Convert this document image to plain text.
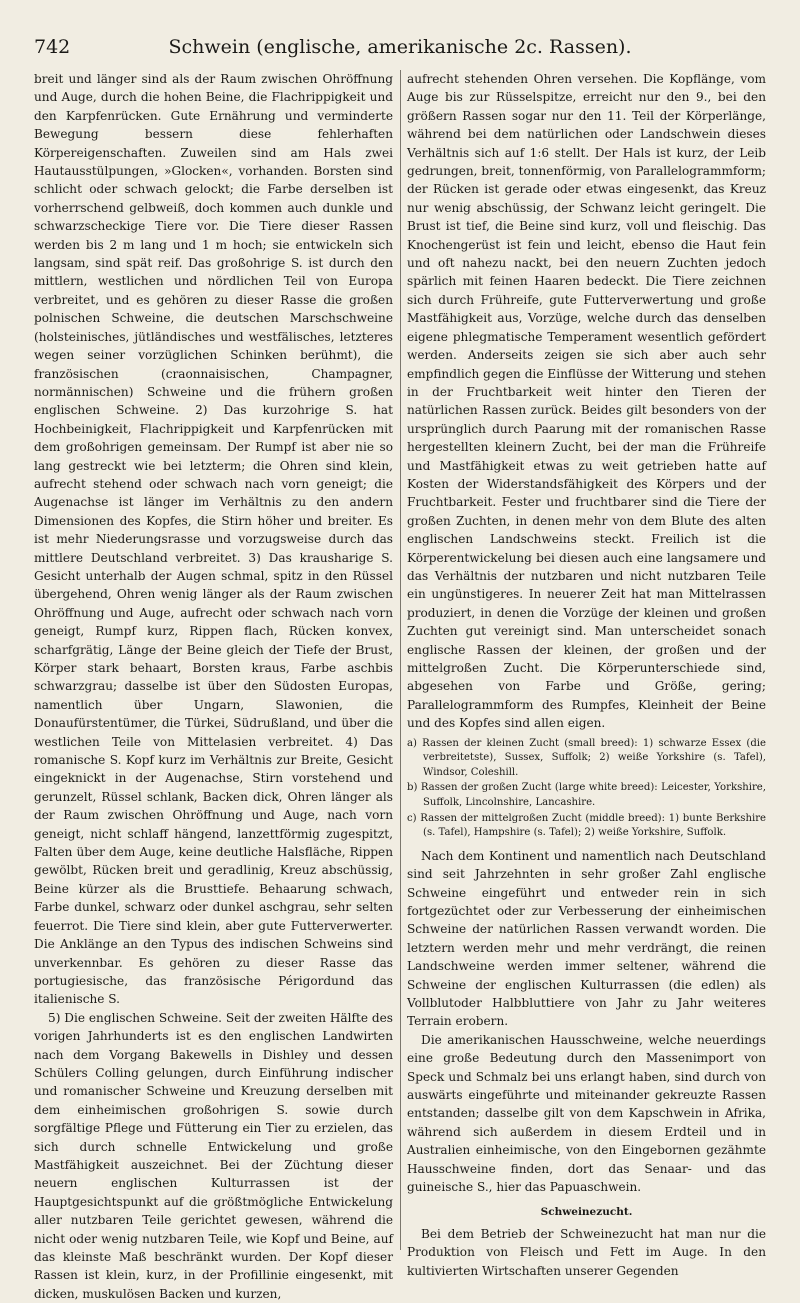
742	Schwein (englische, amerikanische 2c. Rassen).

breit und länger sind als der Raum zwischen Ohröffnung und Auge, durch die hohen Beine, die Flachrippigkeit und den Karpfenrücken. Gute Ernährung und verminderte Bewegung bessern diese fehlerhaften Körpereigenschaften. Zuweilen sind am Hals zwei Hautausstülpungen, »Glocken«, vorhanden. Borsten sind schlicht oder schwach gelockt; die Farbe derselben ist vorherrschend gelbweiß, doch kommen auch dunkle und schwarzscheckige Tiere vor. Die Tiere dieser Rassen werden bis 2 m lang und 1 m hoch; sie entwickeln sich langsam, sind spät reif. Das großohrige S. ist durch den mittlern, westlichen und nördlichen Teil von Europa verbreitet, und es gehören zu dieser Rasse die großen polnischen Schweine, die deutschen Marschschweine (holsteinisches, jütländisches und westfälisches, letzteres wegen seiner vorzüglichen Schinken berühmt), die französischen (craonnaisischen, Champagner, normännischen) Schweine und die frühern großen englischen Schweine. 2) Das kurzohrige S. hat Hochbeinigkeit, Flachrippigkeit und Karpfenrücken mit dem großohrigen gemeinsam. Der Rumpf ist aber nie so lang gestreckt wie bei letzterm; die Ohren sind klein, aufrecht stehend oder schwach nach vorn geneigt; die Augenachse ist länger im Verhältnis zu den andern Dimensionen des Kopfes, die Stirn höher und breiter. Es ist mehr Niederungsrasse und vorzugsweise durch das mittlere Deutschland verbreitet. 3) Das krausharige S. Gesicht unterhalb der Augen schmal, spitz in den Rüssel übergehend, Ohren wenig länger als der Raum zwischen Ohröffnung und Auge, aufrecht oder schwach nach vorn geneigt, Rumpf kurz, Rippen flach, Rücken konvex, scharfgrätig, Länge der Beine gleich der Tiefe der Brust, Körper stark behaart, Borsten kraus, Farbe aschbis schwarzgrau; dasselbe ist über den Südosten Europas, namentlich über Ungarn, Slawonien, die Donaufürstentümer, die Türkei, Südrußland, und über die westlichen Teile von Mittelasien verbreitet. 4) Das romanische S. Kopf kurz im Verhältnis zur Breite, Gesicht eingeknickt in der Augenachse, Stirn vorstehend und gerunzelt, Rüssel schlank, Backen dick, Ohren länger als der Raum zwischen Ohröffnung und Auge, nach vorn geneigt, nicht schlaff hängend, lanzettförmig zugespitzt, Falten über dem Auge, keine deutliche Halsfläche, Rippen gewölbt, Rücken breit und geradlinig, Kreuz abschüssig, Beine kürzer als die Brusttiefe. Behaarung schwach, Farbe dunkel, schwarz oder dunkel aschgrau, sehr selten feuerrot. Die Tiere sind klein, aber gute Futterverwerter. Die Anklänge an den Typus des indischen Schweins sind unverkennbar. Es gehören zu dieser Rasse das portugiesische, das französische Périgordund das italienische S.

5) Die englischen Schweine. Seit der zweiten Hälfte des vorigen Jahrhunderts ist es den englischen Landwirten nach dem Vorgang Bakewells in Dishley und dessen Schülers Colling gelungen, durch Einführung indischer und romanischer Schweine und Kreuzung derselben mit dem einheimischen großohrigen S. sowie durch sorgfältige Pflege und Fütterung ein Tier zu erzielen, das sich durch schnelle Entwickelung und große Mastfähigkeit auszeichnet. Bei der Züchtung dieser neuern englischen Kulturrassen ist der Hauptgesichtspunkt auf die größtmögliche Entwickelung aller nutzbaren Teile gerichtet gewesen, während die nicht oder wenig nutzbaren Teile, wie Kopf und Beine, auf das kleinste Maß beschränkt wurden. Der Kopf dieser Rassen ist klein, kurz, in der Profillinie eingesenkt, mit dicken, muskulösen Backen und kurzen,

aufrecht stehenden Ohren versehen. Die Kopflänge, vom Auge bis zur Rüsselspitze, erreicht nur den 9., bei den größern Rassen sogar nur den 11. Teil der Körperlänge, während bei dem natürlichen oder Landschwein dieses Verhältnis sich auf 1:6 stellt. Der Hals ist kurz, der Leib gedrungen, breit, tonnenförmig, von Parallelogrammform; der Rücken ist gerade oder etwas eingesenkt, das Kreuz nur wenig abschüssig, der Schwanz leicht geringelt. Die Brust ist tief, die Beine sind kurz, voll und fleischig. Das Knochengerüst ist fein und leicht, ebenso die Haut fein und oft nahezu nackt, bei den neuern Zuchten jedoch spärlich mit feinen Haaren bedeckt. Die Tiere zeichnen sich durch Frühreife, gute Futterverwertung und große Mastfähigkeit aus, Vorzüge, welche durch das denselben eigene phlegmatische Temperament wesentlich gefördert werden. Anderseits zeigen sie sich aber auch sehr empfindlich gegen die Einflüsse der Witterung und stehen in der Fruchtbarkeit weit hinter den Tieren der natürlichen Rassen zurück. Beides gilt besonders von der ursprünglich durch Paarung mit der romanischen Rasse hergestellten kleinern Zucht, bei der man die Frühreife und Mastfähigkeit etwas zu weit getrieben hatte auf Kosten der Widerstandsfähigkeit des Körpers und der Fruchtbarkeit. Fester und fruchtbarer sind die Tiere der großen Zuchten, in denen mehr von dem Blute des alten englischen Landschweins steckt. Freilich ist die Körperentwickelung bei diesen auch eine langsamere und das Verhältnis der nutzbaren und nicht nutzbaren Teile ein ungünstigeres. In neuerer Zeit hat man Mittelrassen produziert, in denen die Vorzüge der kleinen und großen Zuchten gut vereinigt sind. Man unterscheidet sonach englische Rassen der kleinen, der großen und der mittelgroßen Zucht. Die Körperunterschiede sind, abgesehen von Farbe und Größe, gering; Parallelogrammform des Rumpfes, Kleinheit der Beine und des Kopfes sind allen eigen.

a) Rassen der kleinen Zucht (small breed): 1) schwarze Essex (die verbreitetste), Sussex, Suffolk; 2) weiße Yorkshire (s. Tafel), Windsor, Coleshill.
b) Rassen der großen Zucht (large white breed): Leicester, Yorkshire, Suffolk, Lincolnshire, Lancashire.
c) Rassen der mittelgroßen Zucht (middle breed): 1) bunte Berkshire (s. Tafel), Hampshire (s. Tafel); 2) weiße Yorkshire, Suffolk.

Nach dem Kontinent und namentlich nach Deutschland sind seit Jahrzehnten in sehr großer Zahl englische Schweine eingeführt und entweder rein in sich fortgezüchtet oder zur Verbesserung der einheimischen Schweine der natürlichen Rassen verwandt worden. Die letztern werden mehr und mehr verdrängt, die reinen Landschweine werden immer seltener, während die Schweine der englischen Kulturrassen (die edlen) als Vollblutoder Halbbluttiere von Jahr zu Jahr weiteres Terrain erobern.

Die amerikanischen Hausschweine, welche neuerdings eine große Bedeutung durch den Massenimport von Speck und Schmalz bei uns erlangt haben, sind durch von auswärts eingeführte und miteinander gekreuzte Rassen entstanden; dasselbe gilt von dem Kapschwein in Afrika, während sich außerdem in diesem Erdteil und in Australien einheimische, von den Eingebornen gezähmte Hausschweine finden, dort das Senaar- und das guineische S., hier das Papuaschwein.

Schweinezucht.

Bei dem Betrieb der Schweinezucht hat man nur die Produktion von Fleisch und Fett im Auge. In den kultivierten Wirtschaften unserer Gegenden
